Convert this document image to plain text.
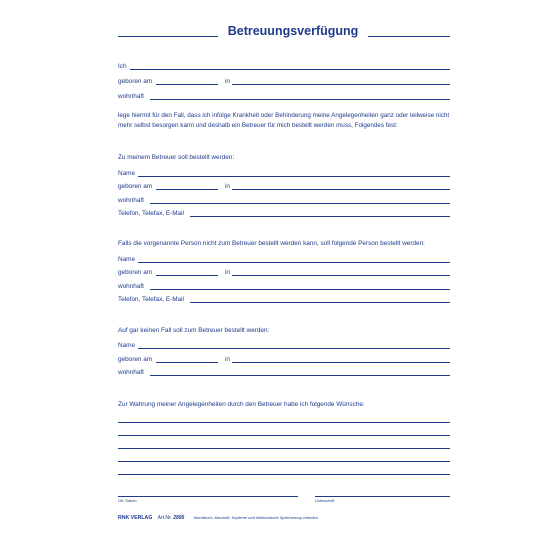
Betreuungsverfügung
Ich
geboren am	in
wohnhaft
lege hiermit für den Fall, dass ich infolge Krankheit oder Behinderung meine Angelegenheiten ganz oder teilweise nicht mehr selbst besorgen kann und deshalb ein Betreuer für mich bestellt werden muss, Folgendes fest:
Zu meinem Betreuer soll bestellt werden:
Name
geboren am	in
wohnhaft
Telefon, Telefax, E-Mail
Falls die vorgenannte Person nicht zum Betreuer bestellt werden kann, soll folgende Person bestellt werden:
Name
geboren am	in
wohnhaft
Telefon, Telefax, E-Mail
Auf gar keinen Fall soll zum Betreuer bestellt werden:
Name
geboren am	in
wohnhaft
Zur Wahrung meiner Angelegenheiten durch den Betreuer habe ich folgende Wünsche:
Ort, Datum	Unterschrift
RNK VERLAG Art.Nr. 2895 Nachdruck, Abschrift, Kopieren und elektronische Speicherung verboten
